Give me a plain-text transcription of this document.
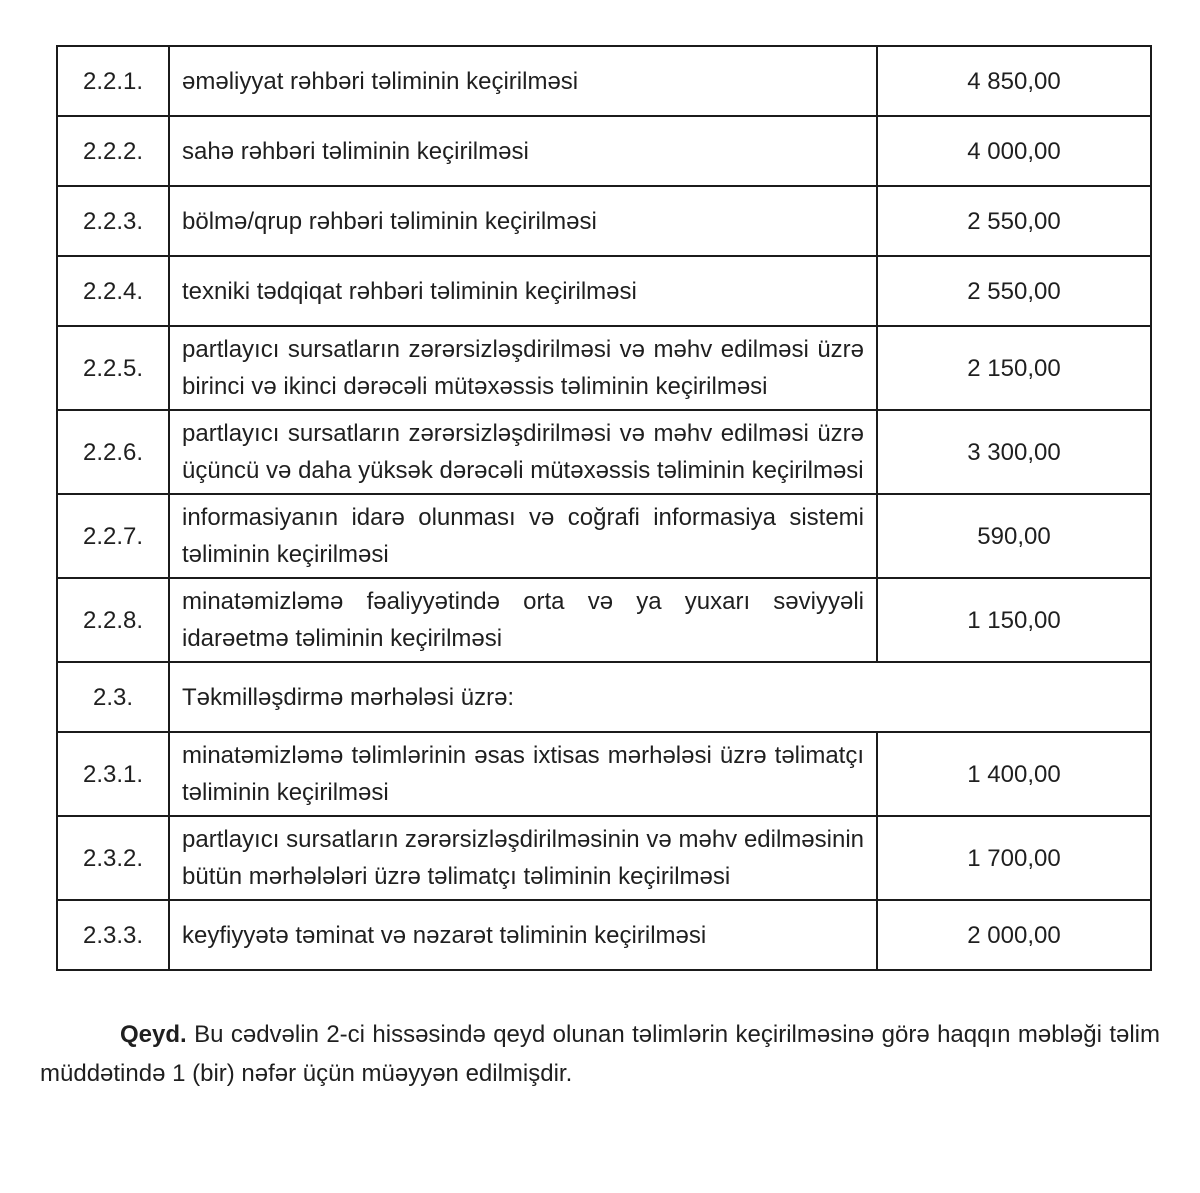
2.2.1.	əməliyyat rəhbəri təliminin keçirilməsi	4 850,00
2.2.2.	sahə rəhbəri təliminin keçirilməsi	4 000,00
2.2.3.	bölmə/qrup rəhbəri təliminin keçirilməsi	2 550,00
2.2.4.	texniki tədqiqat rəhbəri təliminin keçirilməsi	2 550,00
2.2.5.	partlayıcı sursatların zərərsizləşdirilməsi və məhv edilməsi üzrə birinci və ikinci dərəcəli mütəxəssis təliminin keçirilməsi	2 150,00
2.2.6.	partlayıcı sursatların zərərsizləşdirilməsi və məhv edilməsi üzrə üçüncü və daha yüksək dərəcəli mütəxəssis təliminin keçirilməsi	3 300,00
2.2.7.	informasiyanın idarə olunması və coğrafi informasiya sistemi təliminin keçirilməsi	590,00
2.2.8.	minatəmizləmə fəaliyyətində orta və ya yuxarı səviyyəli idarəetmə təliminin keçirilməsi	1 150,00
2.3.	Təkmilləşdirmə mərhələsi üzrə:	
2.3.1.	minatəmizləmə təlimlərinin əsas ixtisas mərhələsi üzrə təlimatçı təliminin keçirilməsi	1 400,00
2.3.2.	partlayıcı sursatların zərərsizləşdirilməsinin və məhv edilməsinin bütün mərhələləri üzrə təlimatçı təliminin keçirilməsi	1 700,00
2.3.3.	keyfiyyətə təminat və nəzarət təliminin keçirilməsi	2 000,00

Qeyd. Bu cədvəlin 2-ci hissəsində qeyd olunan təlimlərin keçirilməsinə görə haqqın məbləği təlim müddətində 1 (bir) nəfər üçün müəyyən edilmişdir.
